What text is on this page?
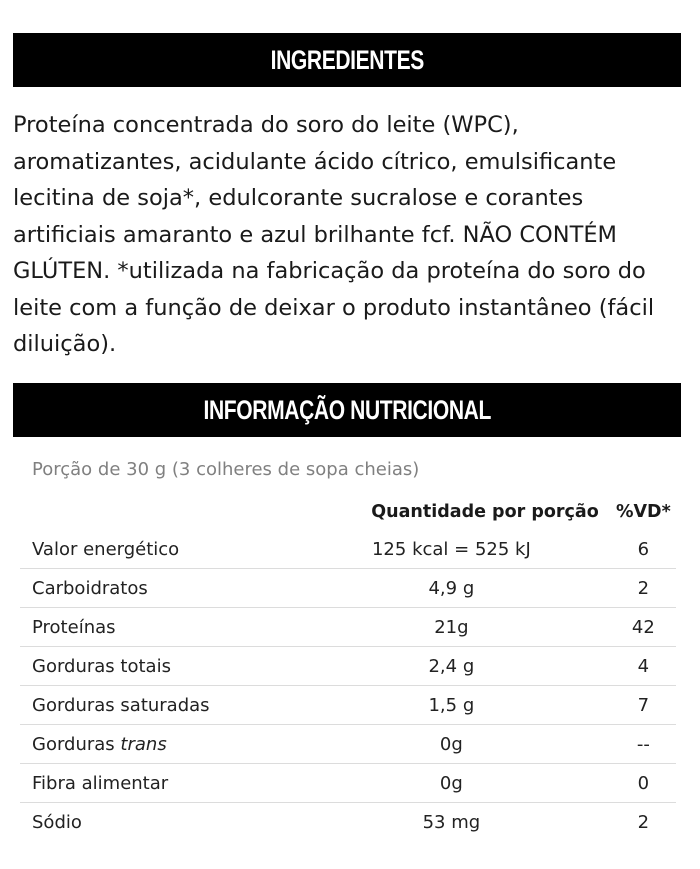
INGREDIENTES

Proteína concentrada do soro do leite (WPC), aromatizantes, acidulante ácido cítrico, emulsificante lecitina de soja*, edulcorante sucralose e corantes artificiais amaranto e azul brilhante fcf. NÃO CONTÉM GLÚTEN. *utilizada na fabricação da proteína do soro do leite com a função de deixar o produto instantâneo (fácil diluição).

INFORMAÇÃO NUTRICIONAL
Porção de 30 g (3 colheres de sopa cheias)
	Quantidade por porção	%VD*
Valor energético	125 kcal = 525 kJ	6
Carboidratos	4,9 g	2
Proteínas	21g	42
Gorduras totais	2,4 g	4
Gorduras saturadas	1,5 g	7
Gorduras trans	0g	--
Fibra alimentar	0g	0
Sódio	53 mg	2
